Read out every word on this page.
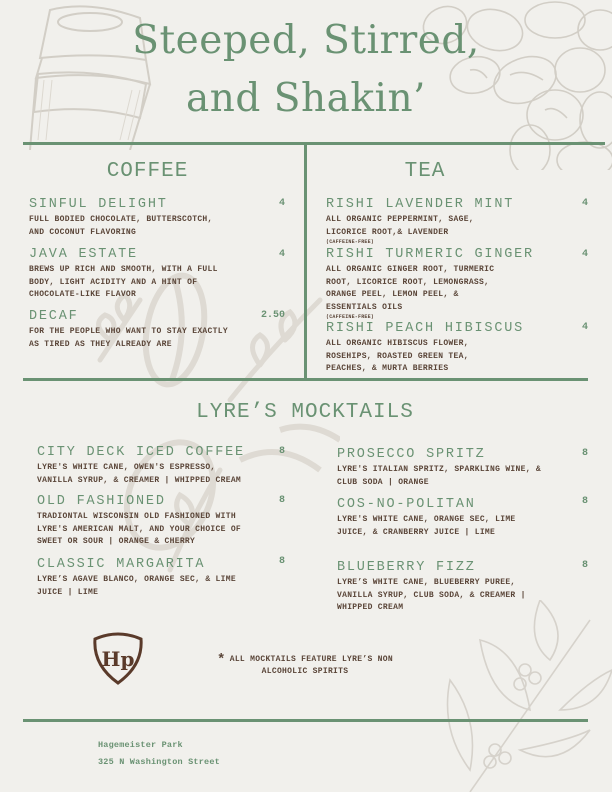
Steeped, Stirred,
and Shakin’
COFFEE
SINFUL DELIGHT
FULL BODIED CHOCOLATE, BUTTERSCOTCH, AND COCONUT FLAVORING
4
JAVA ESTATE
BREWS UP RICH AND SMOOTH, WITH A FULL BODY, LIGHT ACIDITY AND A HINT OF CHOCOLATE-LIKE FLAVOR
4
DECAF
FOR THE PEOPLE WHO WANT TO STAY EXACTLY AS TIRED AS THEY ALREADY ARE
2.50
TEA
RISHI LAVENDER MINT
ALL ORGANIC PEPPERMINT, SAGE, LICORICE ROOT,& LAVENDER
(CAFFEINE-FREE)
4
RISHI TURMERIC GINGER
ALL ORGANIC GINGER ROOT, TURMERIC ROOT, LICORICE ROOT, LEMONGRASS, ORANGE PEEL, LEMON PEEL, & ESSENTIALS OILS
(CAFFEINE-FREE)
4
RISHI PEACH HIBISCUS
ALL ORGANIC HIBISCUS FLOWER, ROSEHIPS, ROASTED GREEN TEA, PEACHES, & MURTA BERRIES
4
LYRE’S MOCKTAILS
CITY DECK ICED COFFEE
LYRE'S WHITE CANE, OWEN'S ESPRESSO, VANILLA SYRUP, & CREAMER | WHIPPED CREAM
8
OLD FASHIONED
TRADIONTAL WISCONSIN OLD FASHIONED WITH LYRE'S AMERICAN MALT, AND YOUR CHOICE OF SWEET OR SOUR | ORANGE & CHERRY
8
CLASSIC MARGARITA
LYRE’S AGAVE BLANCO, ORANGE SEC, & LIME JUICE | LIME
8
PROSECCO SPRITZ
LYRE'S ITALIAN SPRITZ, SPARKLING WINE, & CLUB SODA | ORANGE
8
COS-NO-POLITAN
LYRE'S WHITE CANE, ORANGE SEC, LIME JUICE, & CRANBERRY JUICE | LIME
8
BLUEBERRY FIZZ
LYRE’S WHITE CANE, BLUEBERRY PUREE, VANILLA SYRUP, CLUB SODA, & CREAMER | WHIPPED CREAM
8
Hp	* ALL MOCKTAILS FEATURE LYRE’S NON ALCOHOLIC SPIRITS
Hagemeister Park
325 N Washington Street
